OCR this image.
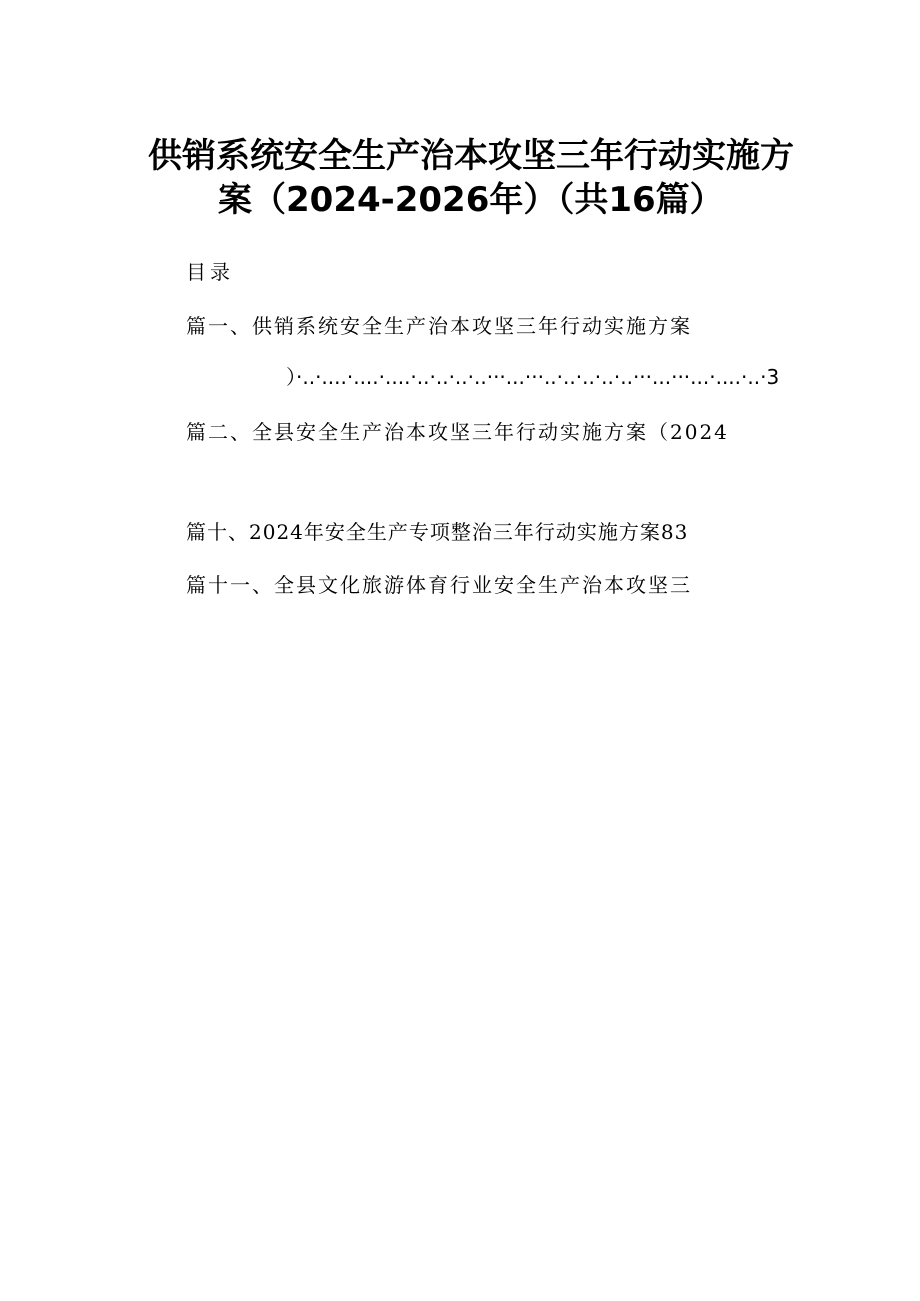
供销系统安全生产治本攻坚三年行动实施方
案（2024-2026年）（共16篇）
目录
篇一、供销系统安全生产治本攻坚三年行动实施方案
）·..·....·....·....·..·..·..·..···...···..·..·..·..·..···...···...·....·..·3
篇二、全县安全生产治本攻坚三年行动实施方案（2024
篇十、2024年安全生产专项整治三年行动实施方案83
篇十一、全县文化旅游体育行业安全生产治本攻坚三
